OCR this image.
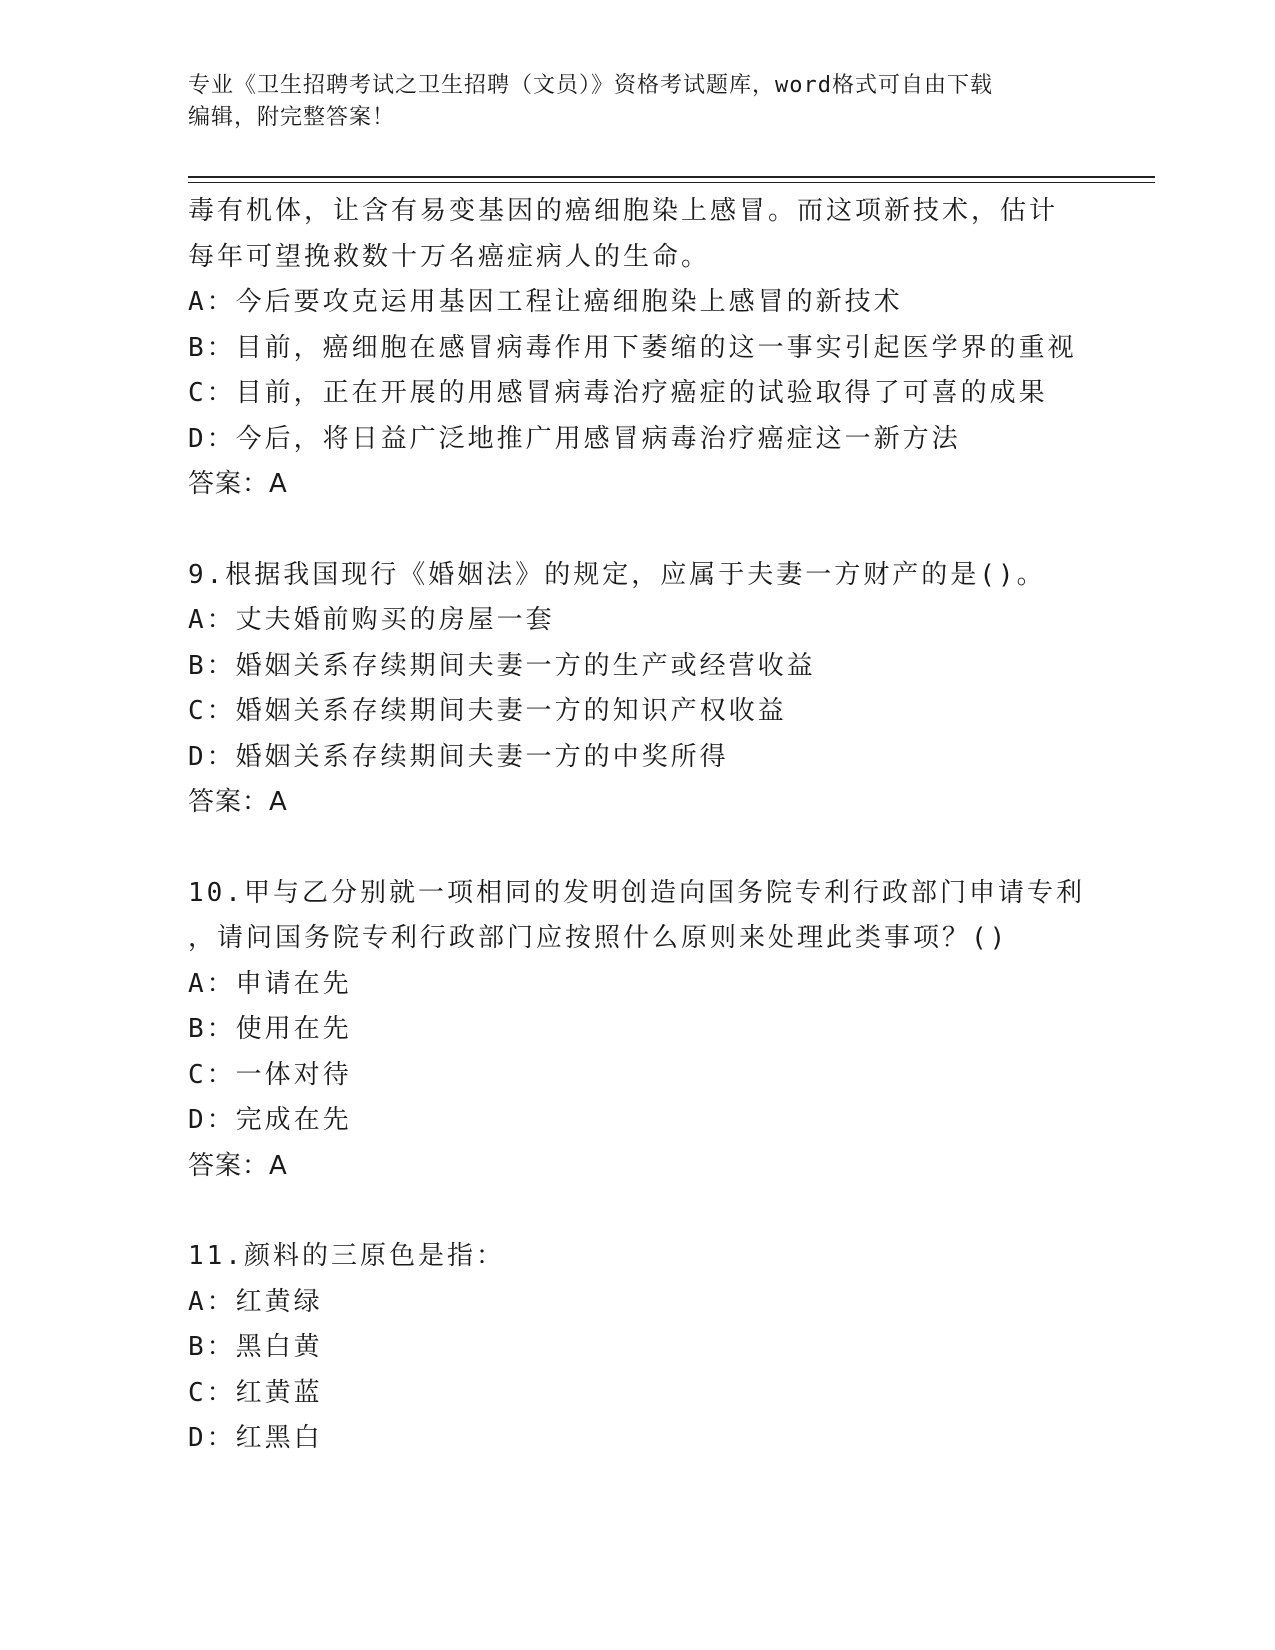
专业《卫生招聘考试之卫生招聘（文员）》资格考试题库，word格式可自由下载
编辑，附完整答案！
毒有机体，让含有易变基因的癌细胞染上感冒。而这项新技术，估计
每年可望挽救数十万名癌症病人的生命。
A：今后要攻克运用基因工程让癌细胞染上感冒的新技术
B：目前，癌细胞在感冒病毒作用下萎缩的这一事实引起医学界的重视
C：目前，正在开展的用感冒病毒治疗癌症的试验取得了可喜的成果
D：今后，将日益广泛地推广用感冒病毒治疗癌症这一新方法
答案：A
9.根据我国现行《婚姻法》的规定，应属于夫妻一方财产的是()。
A：丈夫婚前购买的房屋一套
B：婚姻关系存续期间夫妻一方的生产或经营收益
C：婚姻关系存续期间夫妻一方的知识产权收益
D：婚姻关系存续期间夫妻一方的中奖所得
答案：A
10.甲与乙分别就一项相同的发明创造向国务院专利行政部门申请专利
，请问国务院专利行政部门应按照什么原则来处理此类事项？()
A：申请在先
B：使用在先
C：一体对待
D：完成在先
答案：A
11.颜料的三原色是指：
A：红黄绿
B：黑白黄
C：红黄蓝
D：红黑白
